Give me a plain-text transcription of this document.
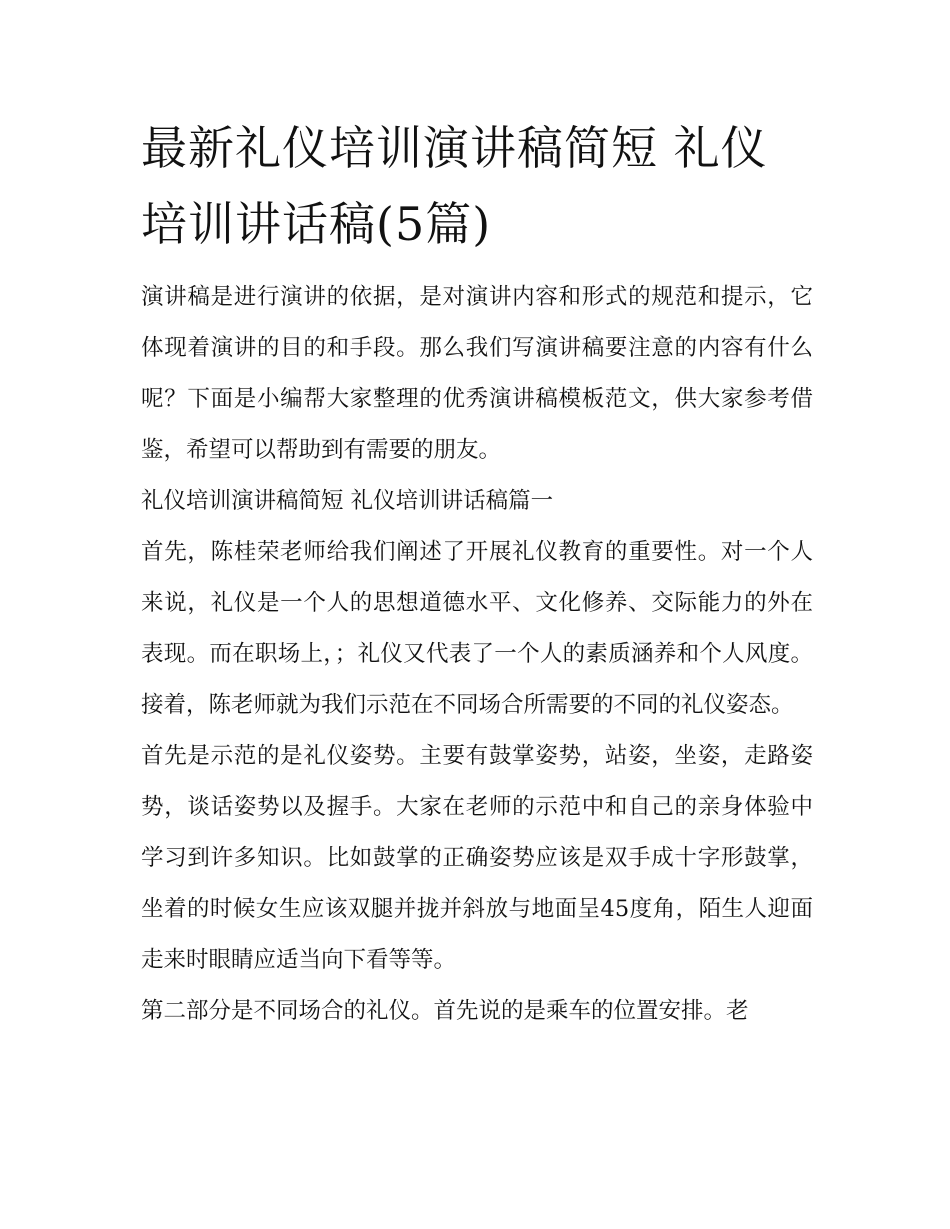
最新礼仪培训演讲稿简短 礼仪培训讲话稿(5篇)

演讲稿是进行演讲的依据，是对演讲内容和形式的规范和提示，它体现着演讲的目的和手段。那么我们写演讲稿要注意的内容有什么呢？下面是小编帮大家整理的优秀演讲稿模板范文，供大家参考借鉴，希望可以帮助到有需要的朋友。

礼仪培训演讲稿简短 礼仪培训讲话稿篇一

首先，陈桂荣老师给我们阐述了开展礼仪教育的重要性。对一个人来说，礼仪是一个人的思想道德水平、文化修养、交际能力的外在表现。而在职场上，；礼仪又代表了一个人的素质涵养和个人风度。接着，陈老师就为我们示范在不同场合所需要的不同的礼仪姿态。

首先是示范的是礼仪姿势。主要有鼓掌姿势，站姿，坐姿，走路姿势，谈话姿势以及握手。大家在老师的示范中和自己的亲身体验中学习到许多知识。比如鼓掌的正确姿势应该是双手成十字形鼓掌，坐着的时候女生应该双腿并拢并斜放与地面呈45度角，陌生人迎面走来时眼睛应适当向下看等等。

第二部分是不同场合的礼仪。首先说的是乘车的位置安排。老
